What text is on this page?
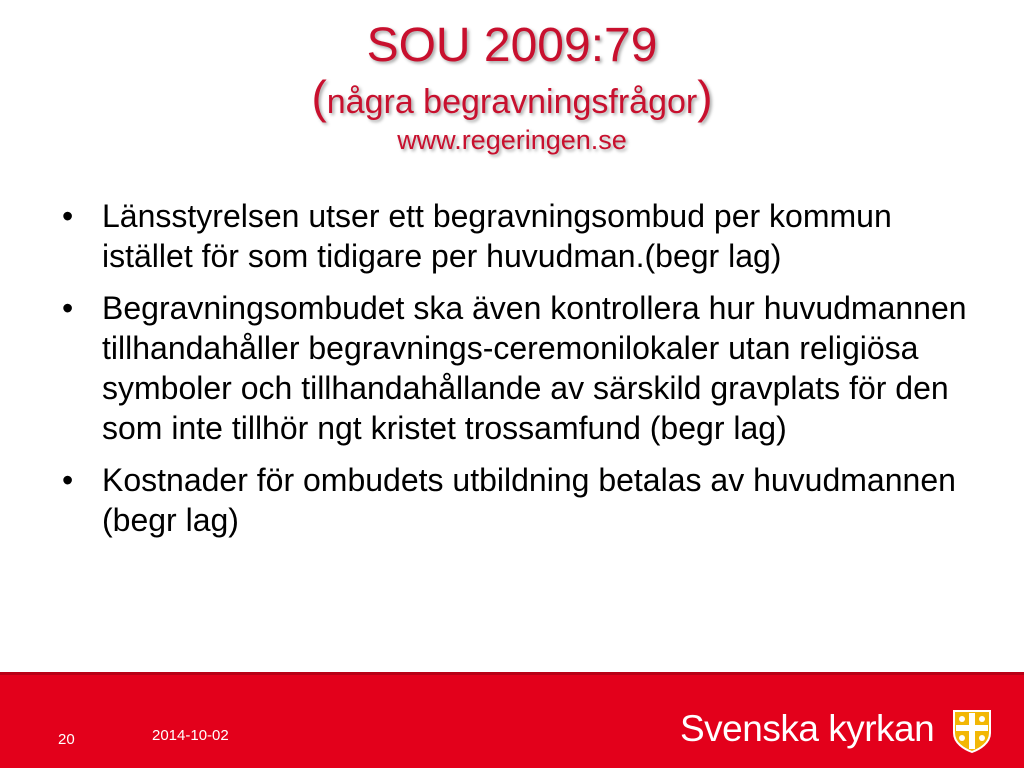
SOU 2009:79
(några begravningsfrågor)
www.regeringen.se
• Länsstyrelsen utser ett begravningsombud per kommun istället för som tidigare per huvudman.(begr lag)
• Begravningsombudet ska även kontrollera hur huvudmannen tillhandahåller begravnings-ceremonilokaler utan religiösa symboler och tillhandahållande av särskild gravplats för den som inte tillhör ngt kristet trossamfund (begr lag)
• Kostnader för ombudets utbildning betalas av huvudmannen (begr lag)
20	2014-10-02	Svenska kyrkan
